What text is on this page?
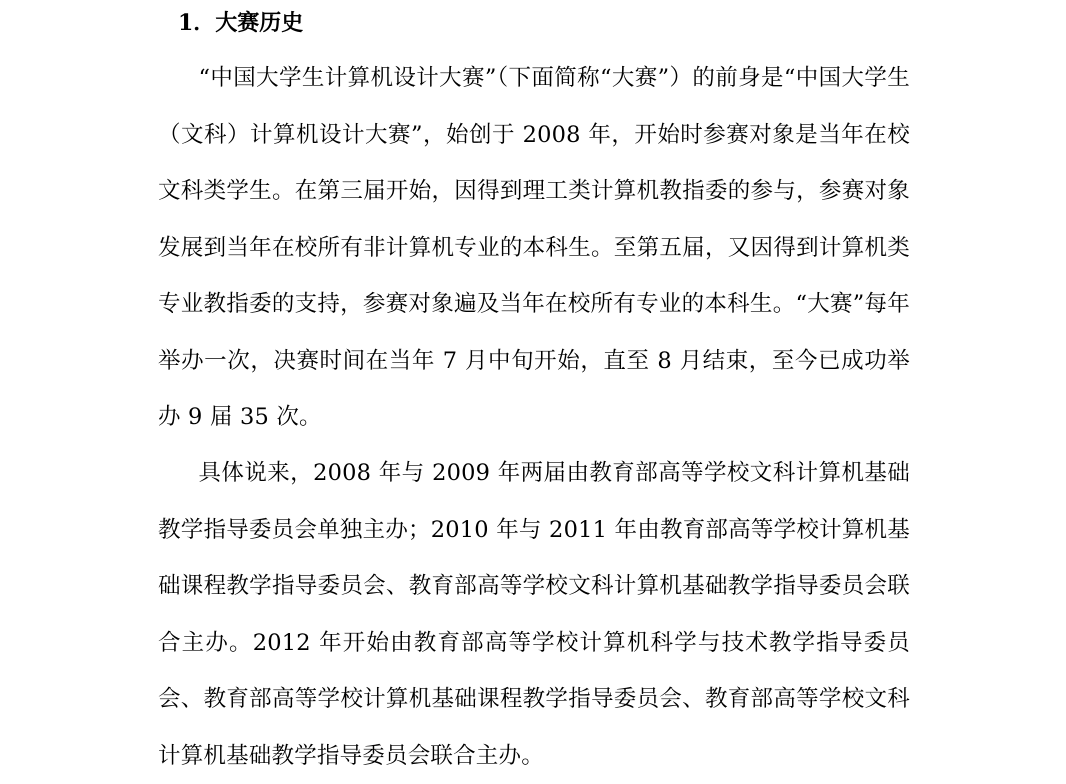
1．大赛历史

“中国大学生计算机设计大赛”（下面简称“大赛”）的前身是“中国大学生（文科）计算机设计大赛”，始创于 2008 年，开始时参赛对象是当年在校文科类学生。在第三届开始，因得到理工类计算机教指委的参与，参赛对象发展到当年在校所有非计算机专业的本科生。至第五届，又因得到计算机类专业教指委的支持，参赛对象遍及当年在校所有专业的本科生。“大赛”每年举办一次，决赛时间在当年 7 月中旬开始，直至 8 月结束，至今已成功举办 9 届 35 次。

具体说来，2008 年与 2009 年两届由教育部高等学校文科计算机基础教学指导委员会单独主办；2010 年与 2011 年由教育部高等学校计算机基础课程教学指导委员会、教育部高等学校文科计算机基础教学指导委员会联合主办。2012 年开始由教育部高等学校计算机科学与技术教学指导委员会、教育部高等学校计算机基础课程教学指导委员会、教育部高等学校文科计算机基础教学指导委员会联合主办。
